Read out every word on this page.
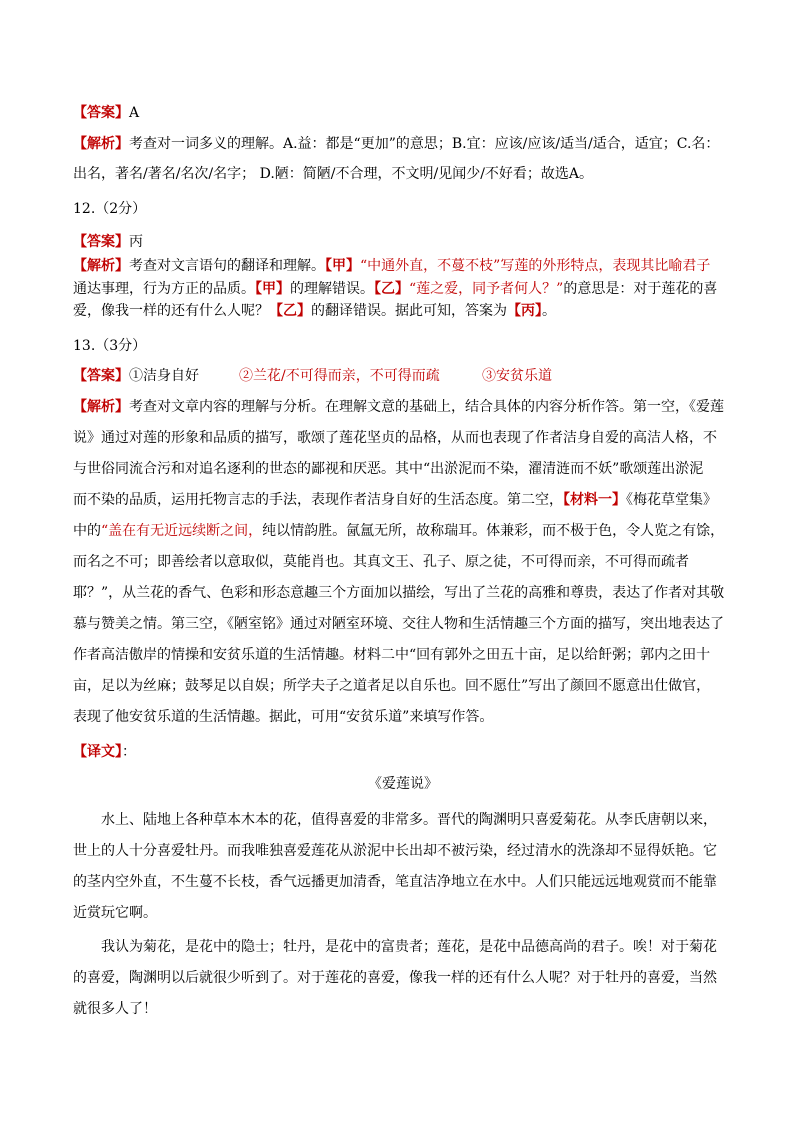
【答案】A
【解析】考查对一词多义的理解。A.益：都是“更加”的意思；B.宜：应该/应该/适当/适合，适宜；C.名：
出名，著名/著名/名次/名字； D.陋：简陋/不合理，不文明/见闻少/不好看；故选A。
12.（2分）
【答案】丙
【解析】考查对文言语句的翻译和理解。【甲】“中通外直，不蔓不枝”写莲的外形特点，表现其比喻君子
通达事理，行为方正的品质。【甲】的理解错误。【乙】“莲之爱，同予者何人？”的意思是：对于莲花的喜
爱，像我一样的还有什么人呢？【乙】的翻译错误。据此可知，答案为【丙】。
13.（3分）
【答案】①洁身自好	②兰花/不可得而亲，不可得而疏	③安贫乐道
【解析】考查对文章内容的理解与分析。在理解文意的基础上，结合具体的内容分析作答。第一空，《爱莲
说》通过对莲的形象和品质的描写，歌颂了莲花坚贞的品格，从而也表现了作者洁身自爱的高洁人格，不
与世俗同流合污和对追名逐利的世态的鄙视和厌恶。其中“出淤泥而不染，濯清涟而不妖”歌颂莲出淤泥
而不染的品质，运用托物言志的手法，表现作者洁身自好的生活态度。第二空，【材料一】《梅花草堂集》
中的“盖在有无近远续断之间，纯以情韵胜。氤氲无所，故称瑞耳。体兼彩，而不极于色，令人览之有馀，
而名之不可；即善绘者以意取似，莫能肖也。其真文王、孔子、原之徒，不可得而亲，不可得而疏者
耶？”，从兰花的香气、色彩和形态意趣三个方面加以描绘，写出了兰花的高雅和尊贵，表达了作者对其敬
慕与赞美之情。第三空，《陋室铭》通过对陋室环境、交往人物和生活情趣三个方面的描写，突出地表达了
作者高洁傲岸的情操和安贫乐道的生活情趣。材料二中“回有郭外之田五十亩，足以给飦粥；郭内之田十
亩，足以为丝麻；鼓琴足以自娱；所学夫子之道者足以自乐也。回不愿仕”写出了颜回不愿意出仕做官，
表现了他安贫乐道的生活情趣。据此，可用“安贫乐道”来填写作答。
【译文】：
《爱莲说》
水上、陆地上各种草本木本的花，值得喜爱的非常多。晋代的陶渊明只喜爱菊花。从李氏唐朝以来，
世上的人十分喜爱牡丹。而我唯独喜爱莲花从淤泥中长出却不被污染，经过清水的洗涤却不显得妖艳。它
的茎内空外直，不生蔓不长枝，香气远播更加清香，笔直洁净地立在水中。人们只能远远地观赏而不能靠
近赏玩它啊。
我认为菊花，是花中的隐士；牡丹，是花中的富贵者；莲花，是花中品德高尚的君子。唉！对于菊花
的喜爱，陶渊明以后就很少听到了。对于莲花的喜爱，像我一样的还有什么人呢？对于牡丹的喜爱，当然
就很多人了！
